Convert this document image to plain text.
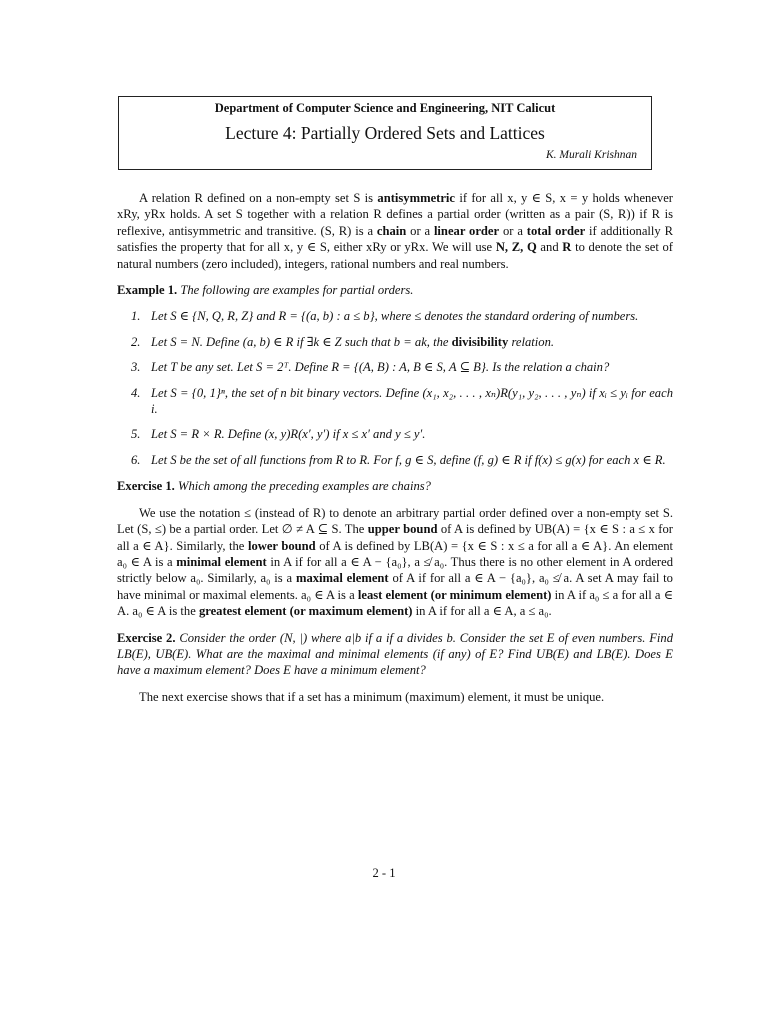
Department of Computer Science and Engineering, NIT Calicut
Lecture 4: Partially Ordered Sets and Lattices
K. Murali Krishnan

A relation R defined on a non-empty set S is antisymmetric if for all x, y ∈ S, x = y holds whenever xRy, yRx holds. A set S together with a relation R defines a partial order (written as a pair (S, R)) if R is reflexive, antisymmetric and transitive. (S, R) is a chain or a linear order or a total order if additionally R satisfies the property that for all x, y ∈ S, either xRy or yRx. We will use N, Z, Q and R to denote the set of natural numbers (zero included), integers, rational numbers and real numbers.

Example 1. The following are examples for partial orders.

1. Let S ∈ {N, Q, R, Z} and R = {(a, b) : a ≤ b}, where ≤ denotes the standard ordering of numbers.
2. Let S = N. Define (a, b) ∈ R if ∃k ∈ Z such that b = ak, the divisibility relation.
3. Let T be any set. Let S = 2ᵀ. Define R = {(A, B) : A, B ∈ S, A ⊆ B}. Is the relation a chain?
4. Let S = {0, 1}ⁿ, the set of n bit binary vectors. Define (x₁, x₂, . . . , xₙ)R(y₁, y₂, . . . , yₙ) if xᵢ ≤ yᵢ for each i.
5. Let S = R × R. Define (x, y)R(x′, y′) if x ≤ x′ and y ≤ y′.
6. Let S be the set of all functions from R to R. For f, g ∈ S, define (f, g) ∈ R if f(x) ≤ g(x) for each x ∈ R.

Exercise 1. Which among the preceding examples are chains?

We use the notation ≤ (instead of R) to denote an arbitrary partial order defined over a non-empty set S. Let (S, ≤) be a partial order. Let ∅ ≠ A ⊆ S. The upper bound of A is defined by UB(A) = {x ∈ S : a ≤ x for all a ∈ A}. Similarly, the lower bound of A is defined by LB(A) = {x ∈ S : x ≤ a for all a ∈ A}. An element a₀ ∈ A is a minimal element in A if for all a ∈ A − {a₀}, a ≰ a₀. Thus there is no other element in A ordered strictly below a₀. Similarly, a₀ is a maximal element of A if for all a ∈ A − {a₀}, a₀ ≰ a. A set A may fail to have minimal or maximal elements. a₀ ∈ A is a least element (or minimum element) in A if a₀ ≤ a for all a ∈ A. a₀ ∈ A is the greatest element (or maximum element) in A if for all a ∈ A, a ≤ a₀.

Exercise 2. Consider the order (N, |) where a|b if a if a divides b. Consider the set E of even numbers. Find LB(E), UB(E). What are the maximal and minimal elements (if any) of E? Find UB(E) and LB(E). Does E have a maximum element? Does E have a minimum element?

The next exercise shows that if a set has a minimum (maximum) element, it must be unique.

2 - 1
